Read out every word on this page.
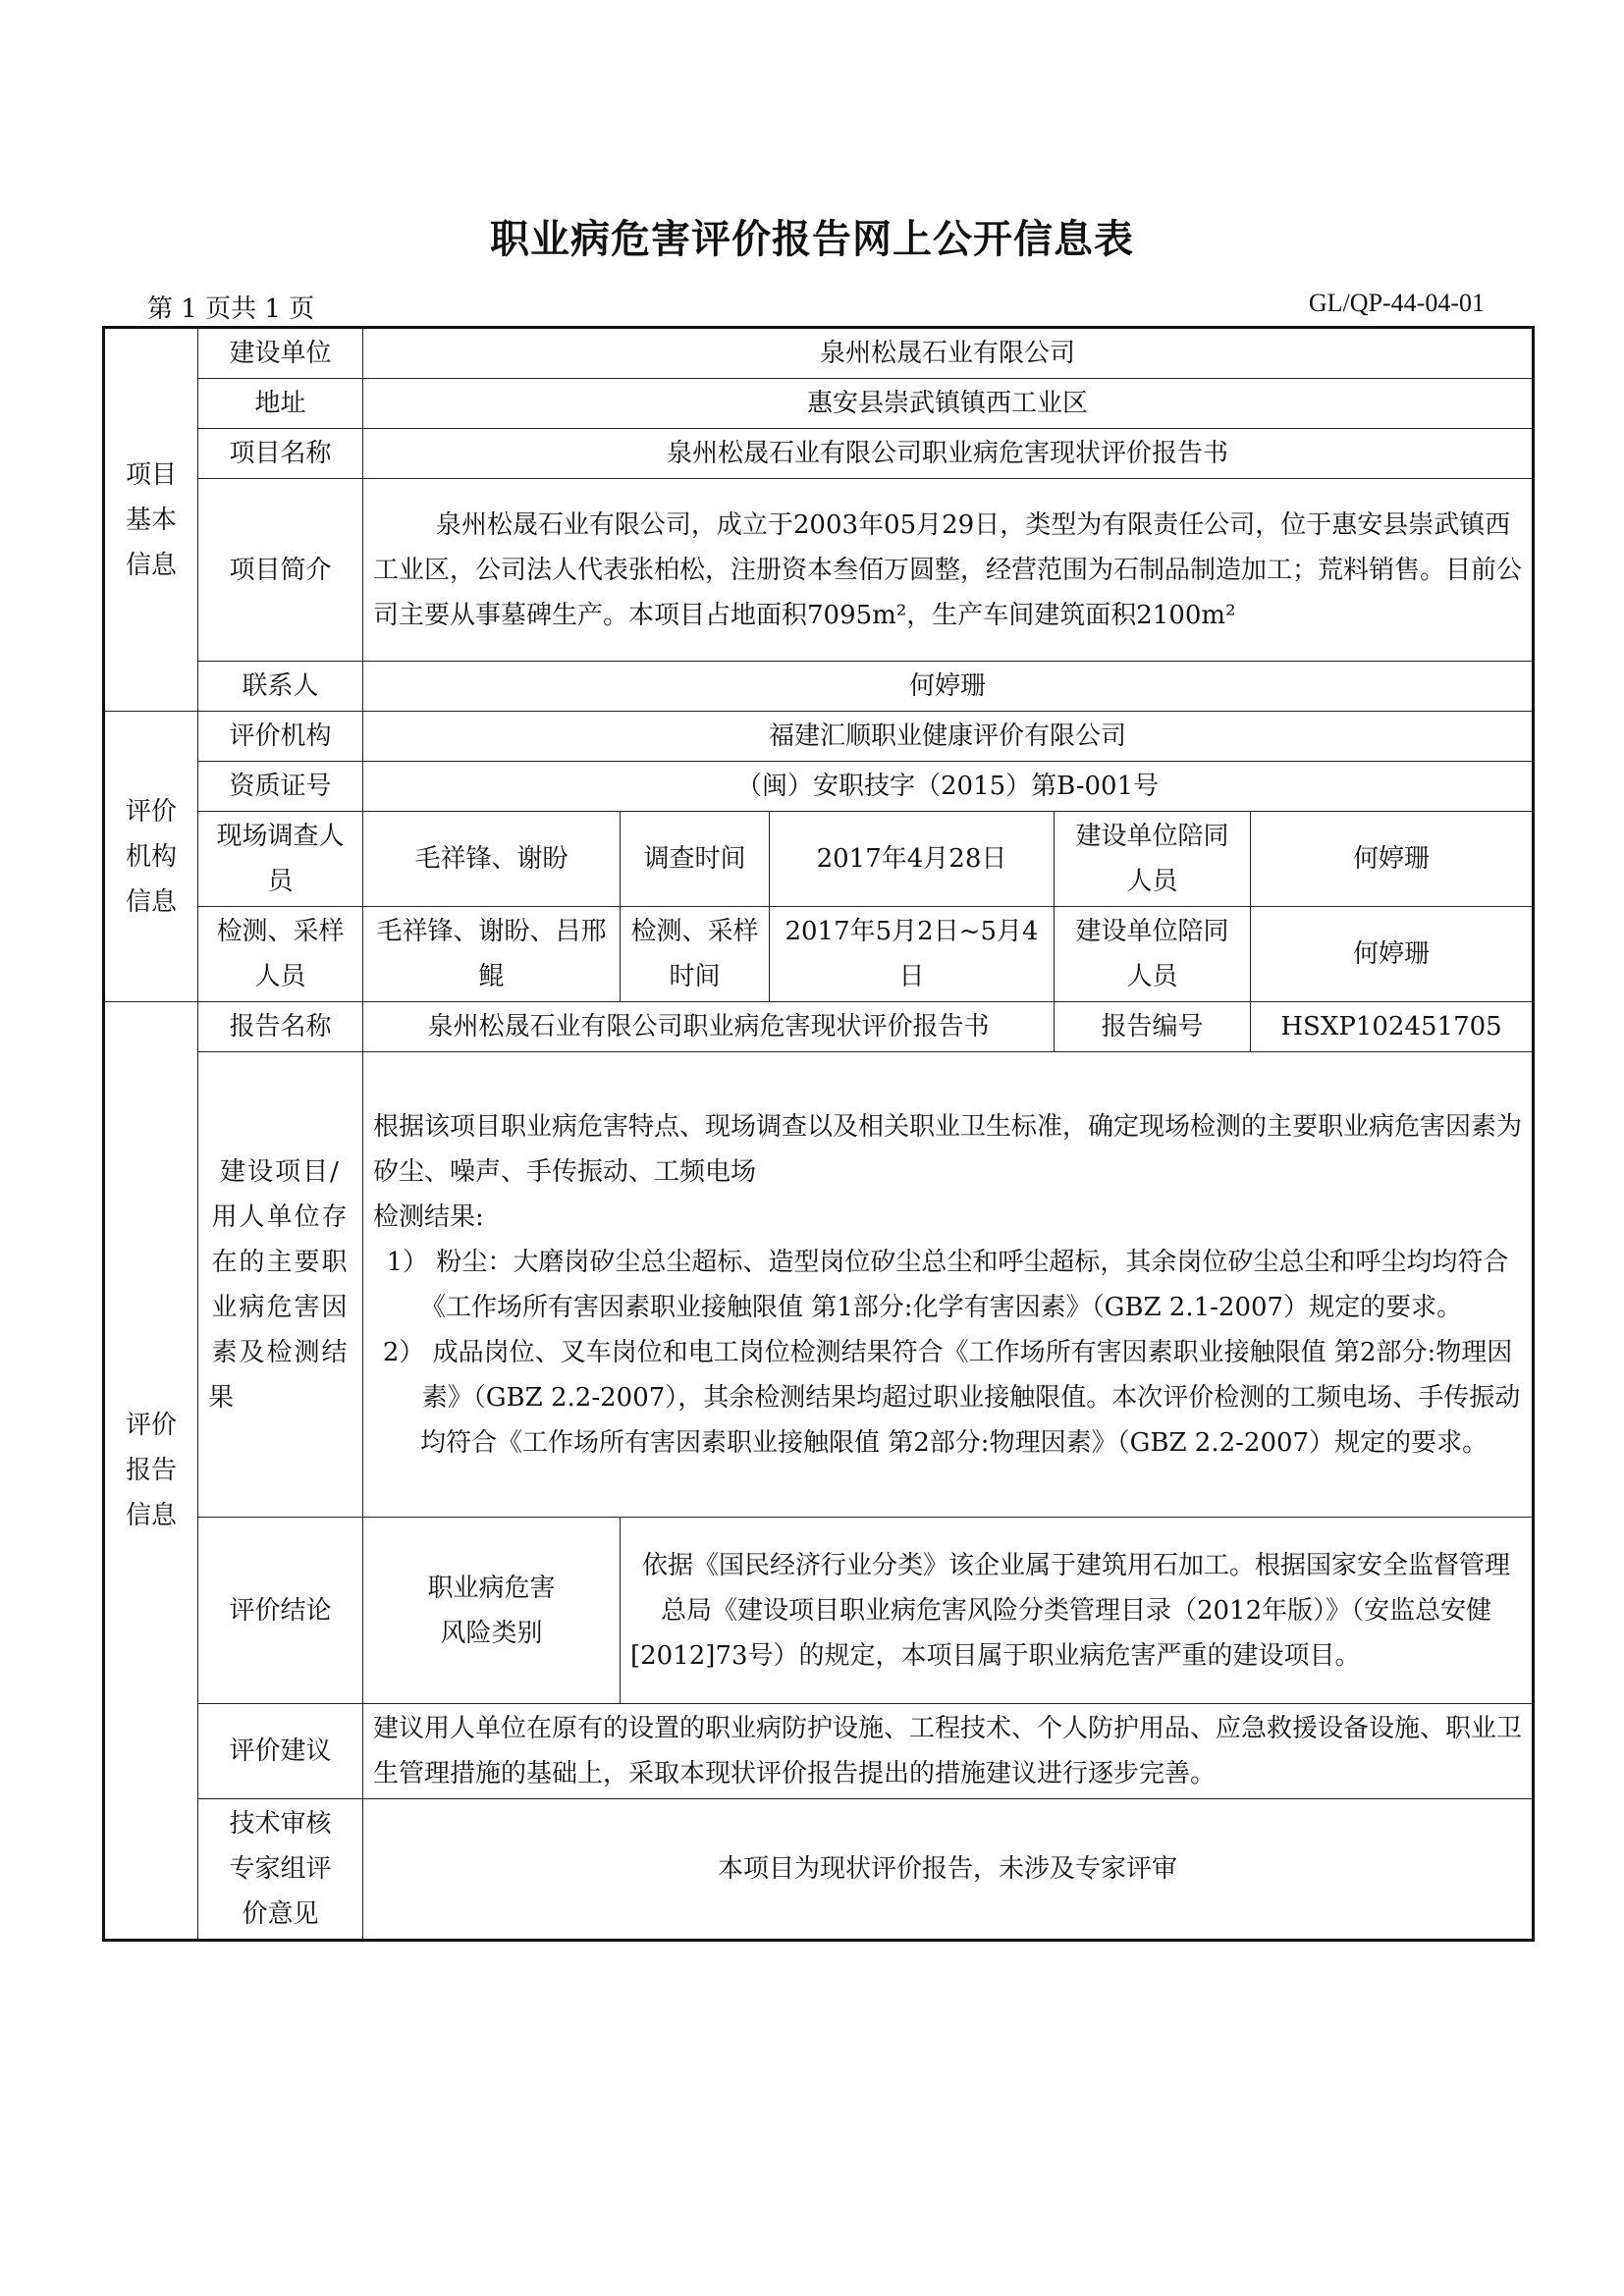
职业病危害评价报告网上公开信息表
第 1 页共 1 页	GL/QP-44-04-01
项目基本信息	建设单位	泉州松晟石业有限公司				
	地址	惠安县崇武镇镇西工业区				
	项目名称	泉州松晟石业有限公司职业病危害现状评价报告书				
	项目简介	泉州松晟石业有限公司，成立于2003年05月29日，类型为有限责任公司，位于惠安县崇武镇西工业区，公司法人代表张柏松，注册资本叁佰万圆整，经营范围为石制品制造加工；荒料销售。目前公司主要从事墓碑生产。本项目占地面积7095m²，生产车间建筑面积2100m²				
	联系人	何婷珊				
评价机构信息	评价机构	福建汇顺职业健康评价有限公司				
	资质证号	（闽）安职技字（2015）第B-001号				
	现场调查人员	毛祥锋、谢盼	调查时间	2017年4月28日	建设单位陪同人员	何婷珊
	检测、采样人员	毛祥锋、谢盼、吕邢鲲	检测、采样时间	2017年5月2日~5月4日	建设单位陪同人员	何婷珊
评价报告信息	报告名称	泉州松晟石业有限公司职业病危害现状评价报告书			报告编号	HSXP102451705
	建设项目/用人单位存在的主要职业病危害因素及检测结果	根据该项目职业病危害特点、现场调查以及相关职业卫生标准，确定现场检测的主要职业病危害因素为矽尘、噪声、手传振动、工频电场
检测结果:
1） 粉尘：大磨岗矽尘总尘超标、造型岗位矽尘总尘和呼尘超标，其余岗位矽尘总尘和呼尘均均符合《工作场所有害因素职业接触限值 第1部分:化学有害因素》（GBZ 2.1-2007）规定的要求。
2） 成品岗位、叉车岗位和电工岗位检测结果符合《工作场所有害因素职业接触限值 第2部分:物理因素》（GBZ 2.2-2007），其余检测结果均超过职业接触限值。本次评价检测的工频电场、手传振动均符合《工作场所有害因素职业接触限值 第2部分:物理因素》（GBZ 2.2-2007）规定的要求。				

	评价结论	职业病危害风险类别	依据《国民经济行业分类》该企业属于建筑用石加工。根据国家安全监督管理总局《建设项目职业病危害风险分类管理目录（2012年版）》（安监总安健[2012]73号）的规定，本项目属于职业病危害严重的建设项目。			
	评价建议	建议用人单位在原有的设置的职业病防护设施、工程技术、个人防护用品、应急救援设备设施、职业卫生管理措施的基础上，采取本现状评价报告提出的措施建议进行逐步完善。				
	技术审核专家组评价意见	本项目为现状评价报告，未涉及专家评审				
